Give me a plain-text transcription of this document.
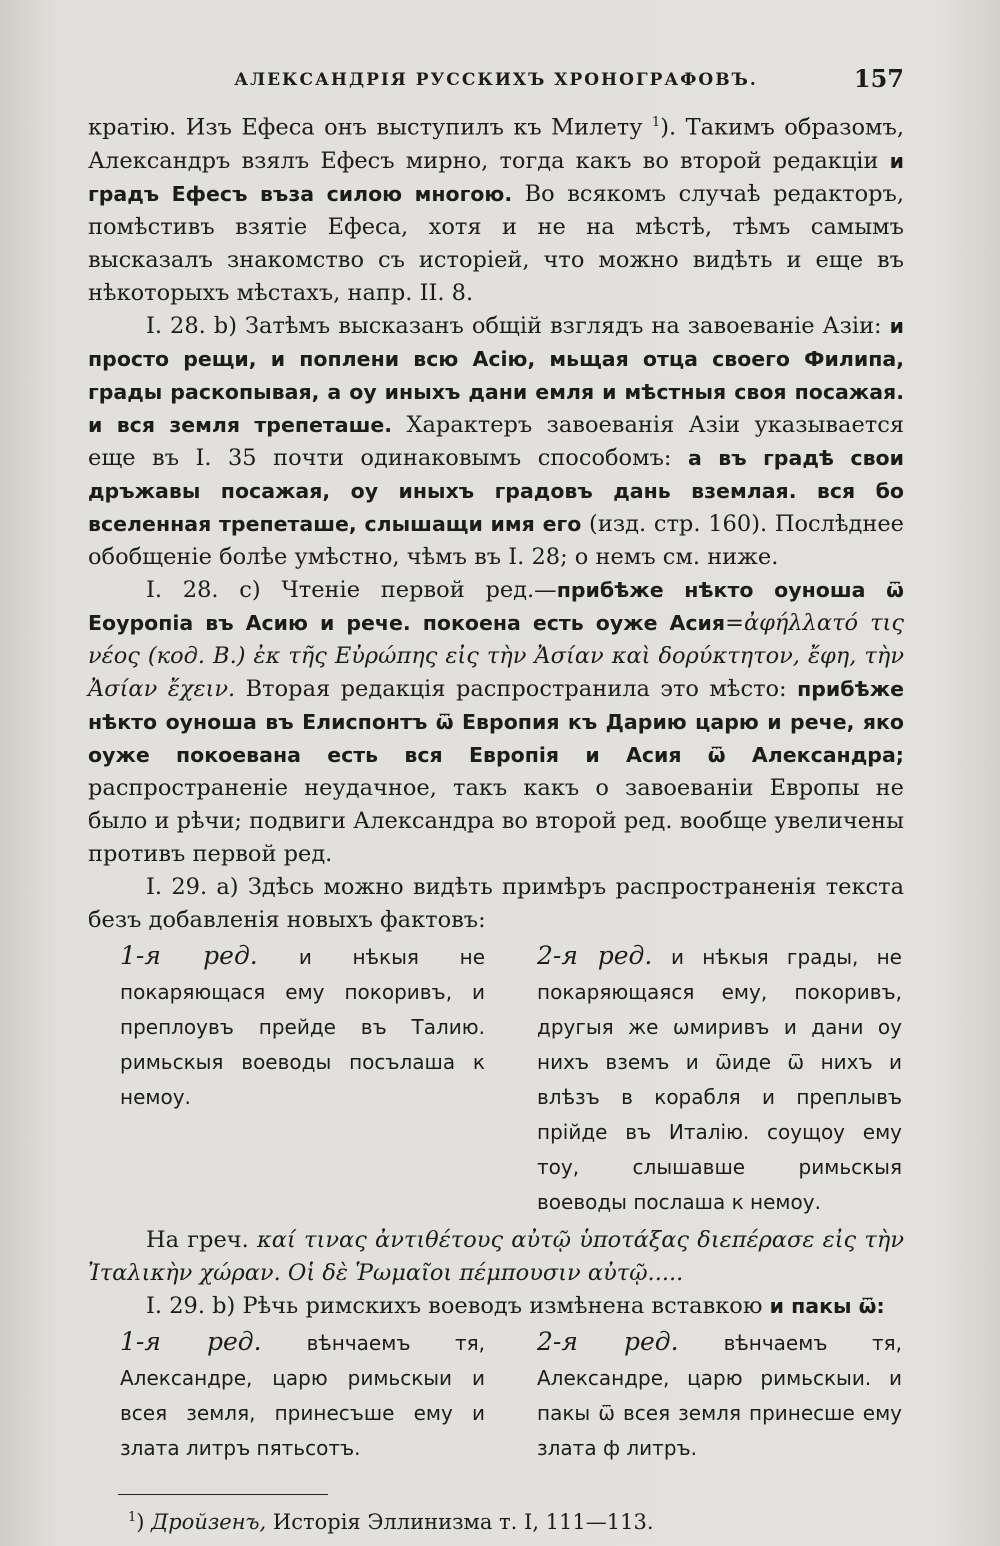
АЛЕКСАНДРІЯ РУССКИХЪ ХРОНОГРАФОВЪ.	157

кратію. Изъ Ефеса онъ выступилъ къ Милету $^1$). Такимъ образомъ, Александръ взялъ Ефесъ мирно, тогда какъ во второй редакціи и градъ Ефесъ въза силою многою. Во всякомъ случаѣ редакторъ, помѣстивъ взятіе Ефеса, хотя и не на мѣстѣ, тѣмъ самымъ высказалъ знакомство съ исторіей, что можно видѣть и еще въ нѣкоторыхъ мѣстахъ, напр. II. 8.

I. 28. b) Затѣмъ высказанъ общій взглядъ на завоеваніе Азіи: и просто рещи, и поплени всю Асію, мьщая отца своего Филипа, грады раскопывая, а оу иныхъ дани емля и мѣстныя своя посажая. и вся земля трепеташе. Характеръ завоеванія Азіи указывается еще въ I. 35 почти одинаковымъ способомъ: а въ градѣ свои дръжавы посажая, оу иныхъ градовъ дань вземлая. вся бо вселенная трепеташе, слышащи имя его (изд. стр. 160). Послѣднее обобщеніе болѣе умѣстно, чѣмъ въ I. 28; о немъ см. ниже.

I. 28. c) Чтеніе первой ред.—прибѣже нѣкто оуноша ѿ Еоуропіа въ Асию и рече. покоена есть оуже Асия=ἀφήλλατό τις νέος (код. B.) ἐκ τῆς Εὐρώπης εἰς τὴν Ἀσίαν καὶ δορύκτητον, ἔφη, τὴν Ἀσίαν ἔχειν. Вторая редакція распространила это мѣсто: прибѣже нѣкто оуноша въ Елиспонтъ ѿ Европия къ Дарию царю и рече, яко оуже покоевана есть вся Европія и Асия ѿ Александра; распространеніе неудачное, такъ какъ о завоеваніи Европы не было и рѣчи; подвиги Александра во второй ред. вообще увеличены противъ первой ред.

I. 29. a) Здѣсь можно видѣть примѣръ распространенія текста безъ добавленія новыхъ фактовъ:

1-я ред. и нѣкыя не покаряющася ему покоривъ, и преплоувъ прейде въ Талию. римьскыя воеводы посълаша к немоу.
2-я ред. и нѣкыя грады, не покаряющаяся ему, покоривъ, другыя же ѡмиривъ и дани оу нихъ вземъ и ѿиде ѿ нихъ и влѣзъ в корабля и преплывъ прійде въ Италію. соущоу ему тоу, слышавше римьскыя воеводы послаша к немоу.

На греч. καί τινας ἀντιθέτους αὐτῷ ὑποτάξας διεπέρασε εἰς τὴν Ἰταλικὴν χώραν. Οἱ δὲ Ῥωμαῖοι πέμπουσιν αὐτῷ.....

I. 29. b) Рѣчь римскихъ воеводъ измѣнена вставкою и пакы ѿ:

1-я ред. вѣнчаемъ тя, Александре, царю римьскыи и всея земля, принесъше ему и злата литръ пятьсотъ.
2-я ред. вѣнчаемъ тя, Александре, царю римьскыи. и пакы ѿ всея земля принесше ему злата ф литръ.
$^1$) Дройзенъ, Исторія Эллинизма т. I, 111—113.
